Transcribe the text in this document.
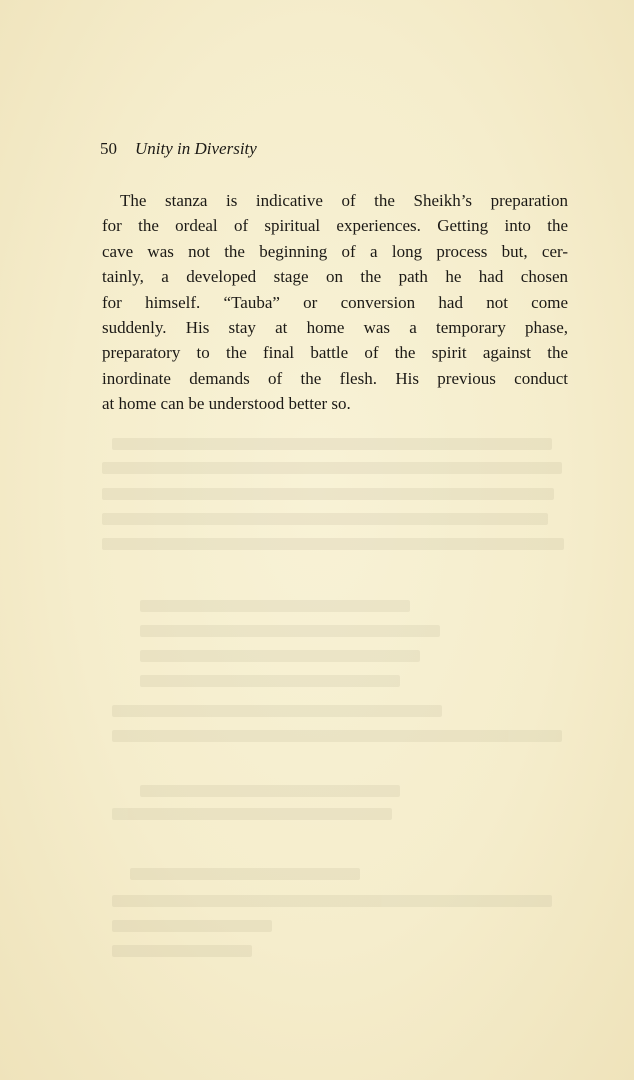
50 Unity in Diversity
The stanza is indicative of the Sheikh’s preparation
for the ordeal of spiritual experiences. Getting into the
cave was not the beginning of a long process but, cer-
tainly, a developed stage on the path he had chosen
for himself. “Tauba” or conversion had not come
suddenly. His stay at home was a temporary phase,
preparatory to the final battle of the spirit against the
inordinate demands of the flesh. His previous conduct
at home can be understood better so.
